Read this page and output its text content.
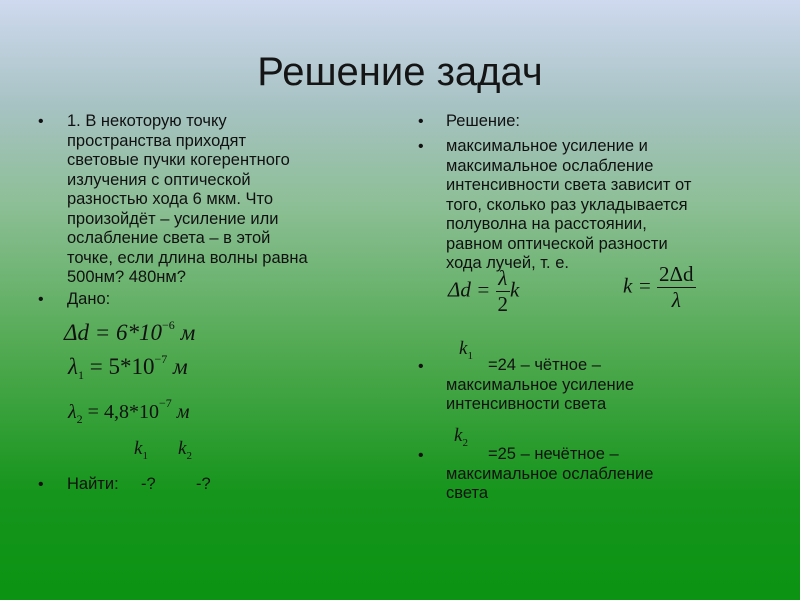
Решение задач
• 1. В некоторую точку
пространства приходят
световые пучки когерентного
излучения с оптической
разностью хода 6 мкм. Что
произойдёт – усиление или
ослабление света – в этой
точке, если длина волны равна
500нм? 480нм?
• Дано:
$\Delta d = 6*10^{-6}$ м
$\lambda_1 = 5*10^{-7}$ м
$\lambda_2 = 4,8*10^{-7}$ м
$k_1$ $k_2$
• Найти: -? -?
• Решение:
• максимальное усиление и
максимальное ослабление
интенсивности света зависит от
того, сколько раз укладывается
полуволна на расстоянии,
равном оптической разности
хода лучей, т. е.
$\Delta d = \frac{\lambda}{2}$ k	$k = \frac{2\Delta d}{\lambda}$
$k_1$
•	=24 – чётное –
максимальное усиление
интенсивности света
$k_2$
•	=25 – нечётное –
максимальное ослабление
света
